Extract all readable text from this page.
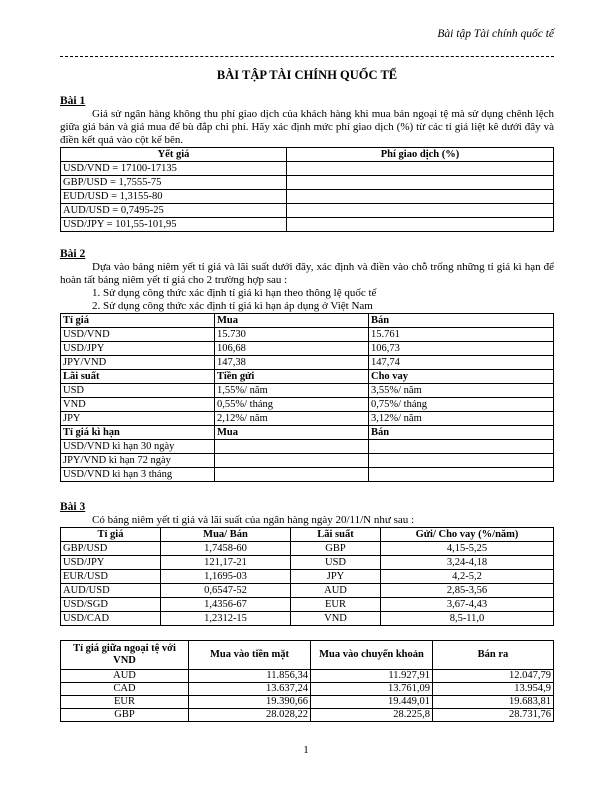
Bài tập Tài chính quốc tế
BÀI TẬP TÀI CHÍNH QUỐC TẾ
Bài 1

Giả sử ngân hàng không thu phí giao dịch của khách hàng khi mua bán ngoại tệ mà sử dụng chênh lệch giữa giá bán và giá mua để bù đắp chi phí. Hãy xác định mức phí giao dịch (%) từ các tỉ giá liệt kê dưới đây và điền kết quả vào cột kế bên.

Yết giá	Phí giao dịch (%)
USD/VND = 17100-17135	
GBP/USD = 1,7555-75	
EUD/USD = 1,3155-80	
AUD/USD = 0,7495-25	
USD/JPY = 101,55-101,95	
Bài 2

Dựa vào bảng niêm yết tỉ giá và lãi suất dưới đây, xác định và điền vào chỗ trống những tỉ giá kì hạn để hoàn tất bảng niêm yết tỉ giá cho 2 trường hợp sau :

1. Sử dụng công thức xác định tỉ giá kì hạn theo thông lệ quốc tế
2. Sử dụng công thức xác định tỉ giá kì hạn áp dụng ở Việt Nam
Tỉ giá	Mua	Bán
USD/VND	15.730	15.761
USD/JPY	106,68	106,73
JPY/VND	147,38	147,74
Lãi suất	Tiền gửi	Cho vay
USD	1,55%/ năm	3,55%/ năm
VND	0,55%/ tháng	0,75%/ tháng
JPY	2,12%/ năm	3,12%/ năm
Tỉ giá kì hạn	Mua	Bán
USD/VND kì hạn 30 ngày		
JPY/VND kì hạn 72 ngày		
USD/VND kì hạn 3 tháng		
Bài 3

Có bảng niêm yết tỉ giá và lãi suất của ngân hàng ngày 20/11/N như sau :

Tỉ giá	Mua/ Bán	Lãi suất	Gửi/ Cho vay (%/năm)
GBP/USD	1,7458-60	GBP	4,15-5,25
USD/JPY	121,17-21	USD	3,24-4,18
EUR/USD	1,1695-03	JPY	4,2-5,2
AUD/USD	0,6547-52	AUD	2,85-3,56
USD/SGD	1,4356-67	EUR	3,67-4,43
USD/CAD	1,2312-15	VND	8,5-11,0
Tỉ giá giữa ngoại tệ với VND	Mua vào tiền mặt	Mua vào chuyển khoản	Bán ra
AUD	11.856,34	11.927,91	12.047,79
CAD	13.637,24	13.761,09	13.954,9
EUR	19.390,66	19.449,01	19.683,81
GBP	28.028,22	28.225,8	28.731,76
1
